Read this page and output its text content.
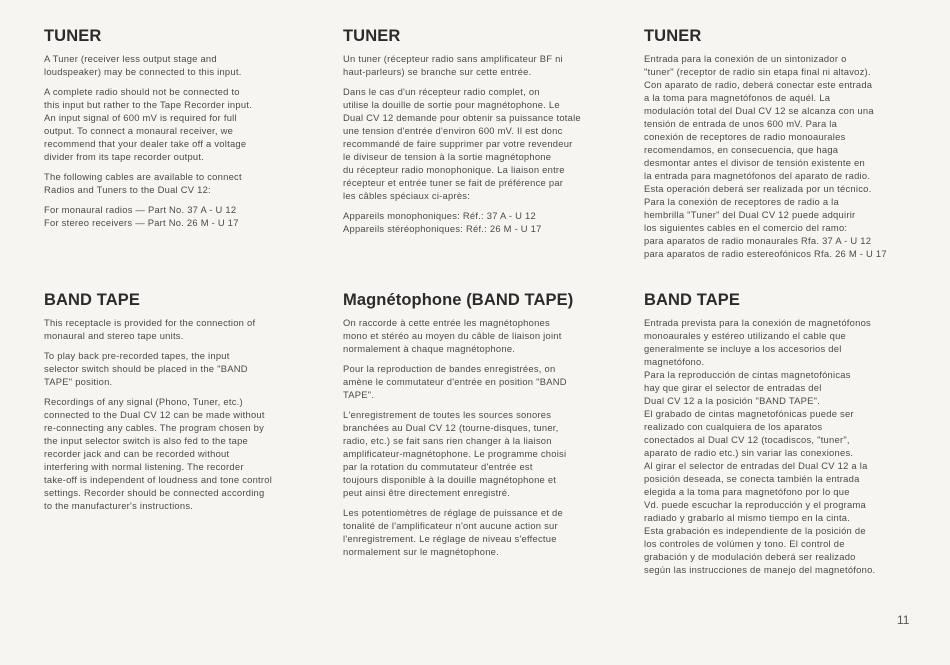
TUNER

A Tuner (receiver less output stage and
loudspeaker) may be connected to this input.

A complete radio should not be connected to
this input but rather to the Tape Recorder input.
An input signal of 600 mV is required for full
output. To connect a monaural receiver, we
recommend that your dealer take off a voltage
divider from its tape recorder output.

The following cables are available to connect
Radios and Tuners to the Dual CV 12:

For monaural radios — Part No. 37 A - U 12
For stereo receivers — Part No. 26 M - U 17

BAND TAPE

This receptacle is provided for the connection of
monaural and stereo tape units.

To play back pre-recorded tapes, the input
selector switch should be placed in the "BAND
TAPE" position.

Recordings of any signal (Phono, Tuner, etc.)
connected to the Dual CV 12 can be made without
re-connecting any cables. The program chosen by
the input selector switch is also fed to the tape
recorder jack and can be recorded without
interfering with normal listening. The recorder
take-off is independent of loudness and tone control
settings. Recorder should be connected according
to the manufacturer's instructions.

TUNER

Un tuner (récepteur radio sans amplificateur BF ni
haut-parleurs) se branche sur cette entrée.

Dans le cas d'un récepteur radio complet, on
utilise la douille de sortie pour magnétophone. Le
Dual CV 12 demande pour obtenir sa puissance totale
une tension d'entrée d'environ 600 mV. Il est donc
recommandé de faire supprimer par votre revendeur
le diviseur de tension à la sortie magnétophone
du récepteur radio monophonique. La liaison entre
récepteur et entrée tuner se fait de préférence par
les câbles spéciaux ci-après:

Appareils monophoniques: Réf.: 37 A - U 12
Appareils stéréophoniques: Réf.: 26 M - U 17

Magnétophone (BAND TAPE)

On raccorde à cette entrée les magnétophones
mono et stéréo au moyen du câble de liaison joint
normalement à chaque magnétophone.

Pour la reproduction de bandes enregistrées, on
amène le commutateur d'entrée en position "BAND
TAPE".

L'enregistrement de toutes les sources sonores
branchées au Dual CV 12 (tourne-disques, tuner,
radio, etc.) se fait sans rien changer à la liaison
amplificateur-magnétophone. Le programme choisi
par la rotation du commutateur d'entrée est
toujours disponible à la douille magnétophone et
peut ainsi être directement enregistré.

Les potentiomètres de réglage de puissance et de
tonalité de l'amplificateur n'ont aucune action sur
l'enregistrement. Le réglage de niveau s'effectue
normalement sur le magnétophone.

TUNER

Entrada para la conexión de un sintonizador o
"tuner" (receptor de radio sin etapa final ni altavoz).
Con aparato de radio, deberá conectar este entrada
a la toma para magnetófonos de aquél. La
modulación total del Dual CV 12 se alcanza con una
tensión de entrada de unos 600 mV. Para la
conexión de receptores de radio monoaurales
recomendamos, en consecuencia, que haga
desmontar antes el divisor de tensión existente en
la entrada para magnetófonos del aparato de radio.
Esta operación deberá ser realizada por un técnico.
Para la conexión de receptores de radio a la
hembrilla "Tuner" del Dual CV 12 puede adquirir
los siguientes cables en el comercio del ramo:
para aparatos de radio monaurales Rfa. 37 A - U 12
para aparatos de radio estereofónicos Rfa. 26 M - U 17

BAND TAPE

Entrada prevista para la conexión de magnetófonos
monoaurales y estéreo utilizando el cable que
generalmente se incluye a los accesorios del
magnetófono.
Para la reproducción de cintas magnetofónicas
hay que girar el selector de entradas del
Dual CV 12 a la posición "BAND TAPE".
El grabado de cintas magnetofónicas puede ser
realizado con cualquiera de los aparatos
conectados al Dual CV 12 (tocadiscos, "tuner",
aparato de radio etc.) sin variar las conexiones.
Al girar el selector de entradas del Dual CV 12 a la
posición deseada, se conecta también la entrada
elegida a la toma para magnetófono por lo que
Vd. puede escuchar la reproducción y el programa
radiado y grabarlo al mismo tiempo en la cinta.
Esta grabación es independiente de la posición de
los controles de volúmen y tono. El control de
grabación y de modulación deberá ser realizado
según las instrucciones de manejo del magnetófono.

11
